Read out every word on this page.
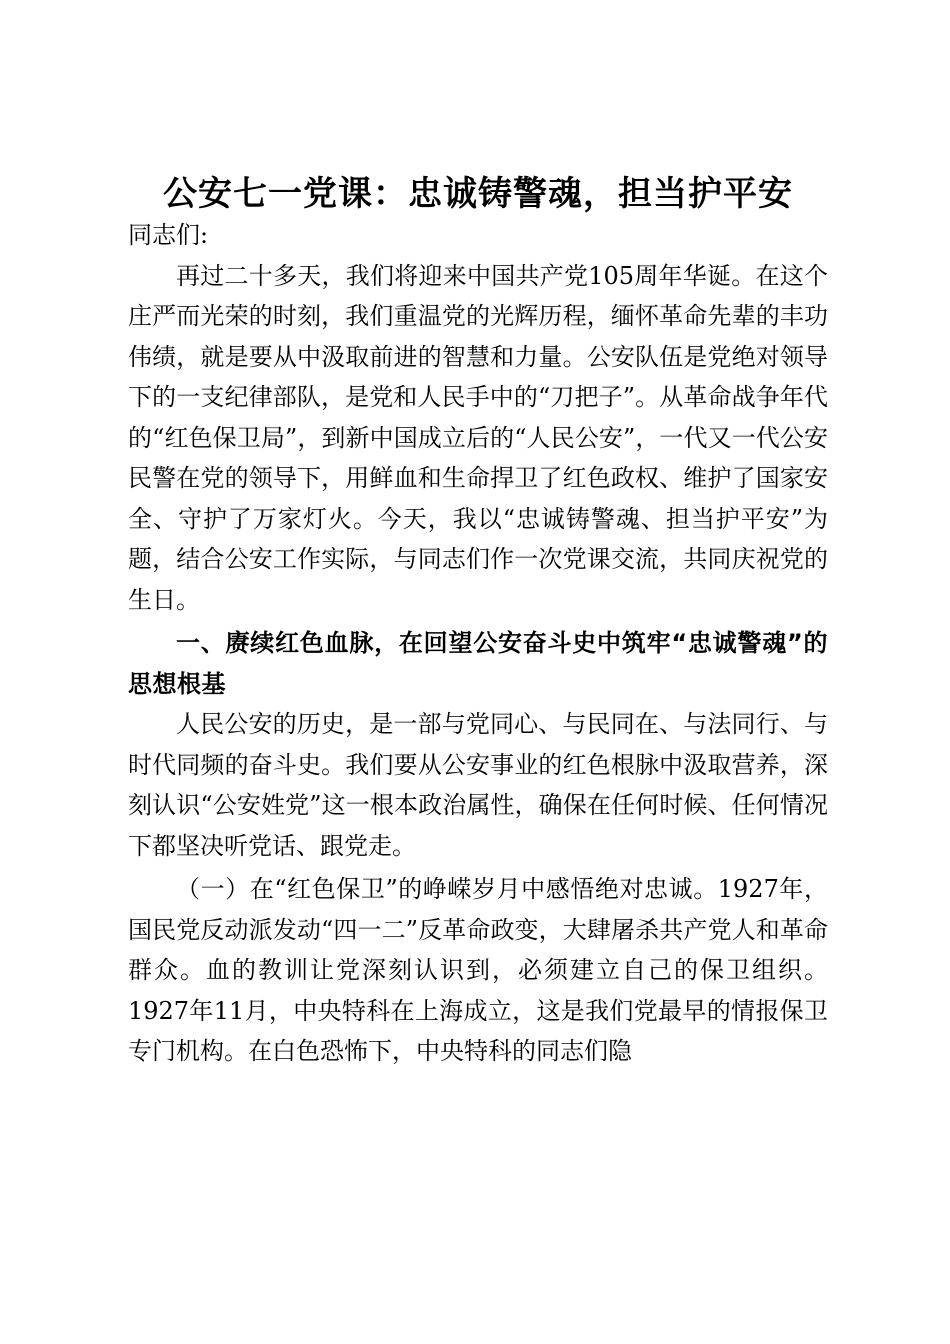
公安七一党课：忠诚铸警魂，担当护平安

同志们:

再过二十多天，我们将迎来中国共产党105周年华诞。在这个庄严而光荣的时刻，我们重温党的光辉历程，缅怀革命先辈的丰功伟绩，就是要从中汲取前进的智慧和力量。公安队伍是党绝对领导下的一支纪律部队，是党和人民手中的“刀把子”。从革命战争年代的“红色保卫局”，到新中国成立后的“人民公安”，一代又一代公安民警在党的领导下，用鲜血和生命捍卫了红色政权、维护了国家安全、守护了万家灯火。今天，我以“忠诚铸警魂、担当护平安”为题，结合公安工作实际，与同志们作一次党课交流，共同庆祝党的生日。

一、赓续红色血脉，在回望公安奋斗史中筑牢“忠诚警魂”的思想根基

人民公安的历史，是一部与党同心、与民同在、与法同行、与时代同频的奋斗史。我们要从公安事业的红色根脉中汲取营养，深刻认识“公安姓党”这一根本政治属性，确保在任何时候、任何情况下都坚决听党话、跟党走。

（一）在“红色保卫”的峥嵘岁月中感悟绝对忠诚。1927年，国民党反动派发动“四一二”反革命政变，大肆屠杀共产党人和革命群众。血的教训让党深刻认识到，必须建立自己的保卫组织。1927年11月，中央特科在上海成立，这是我们党最早的情报保卫专门机构。在白色恐怖下，中央特科的同志们隐
